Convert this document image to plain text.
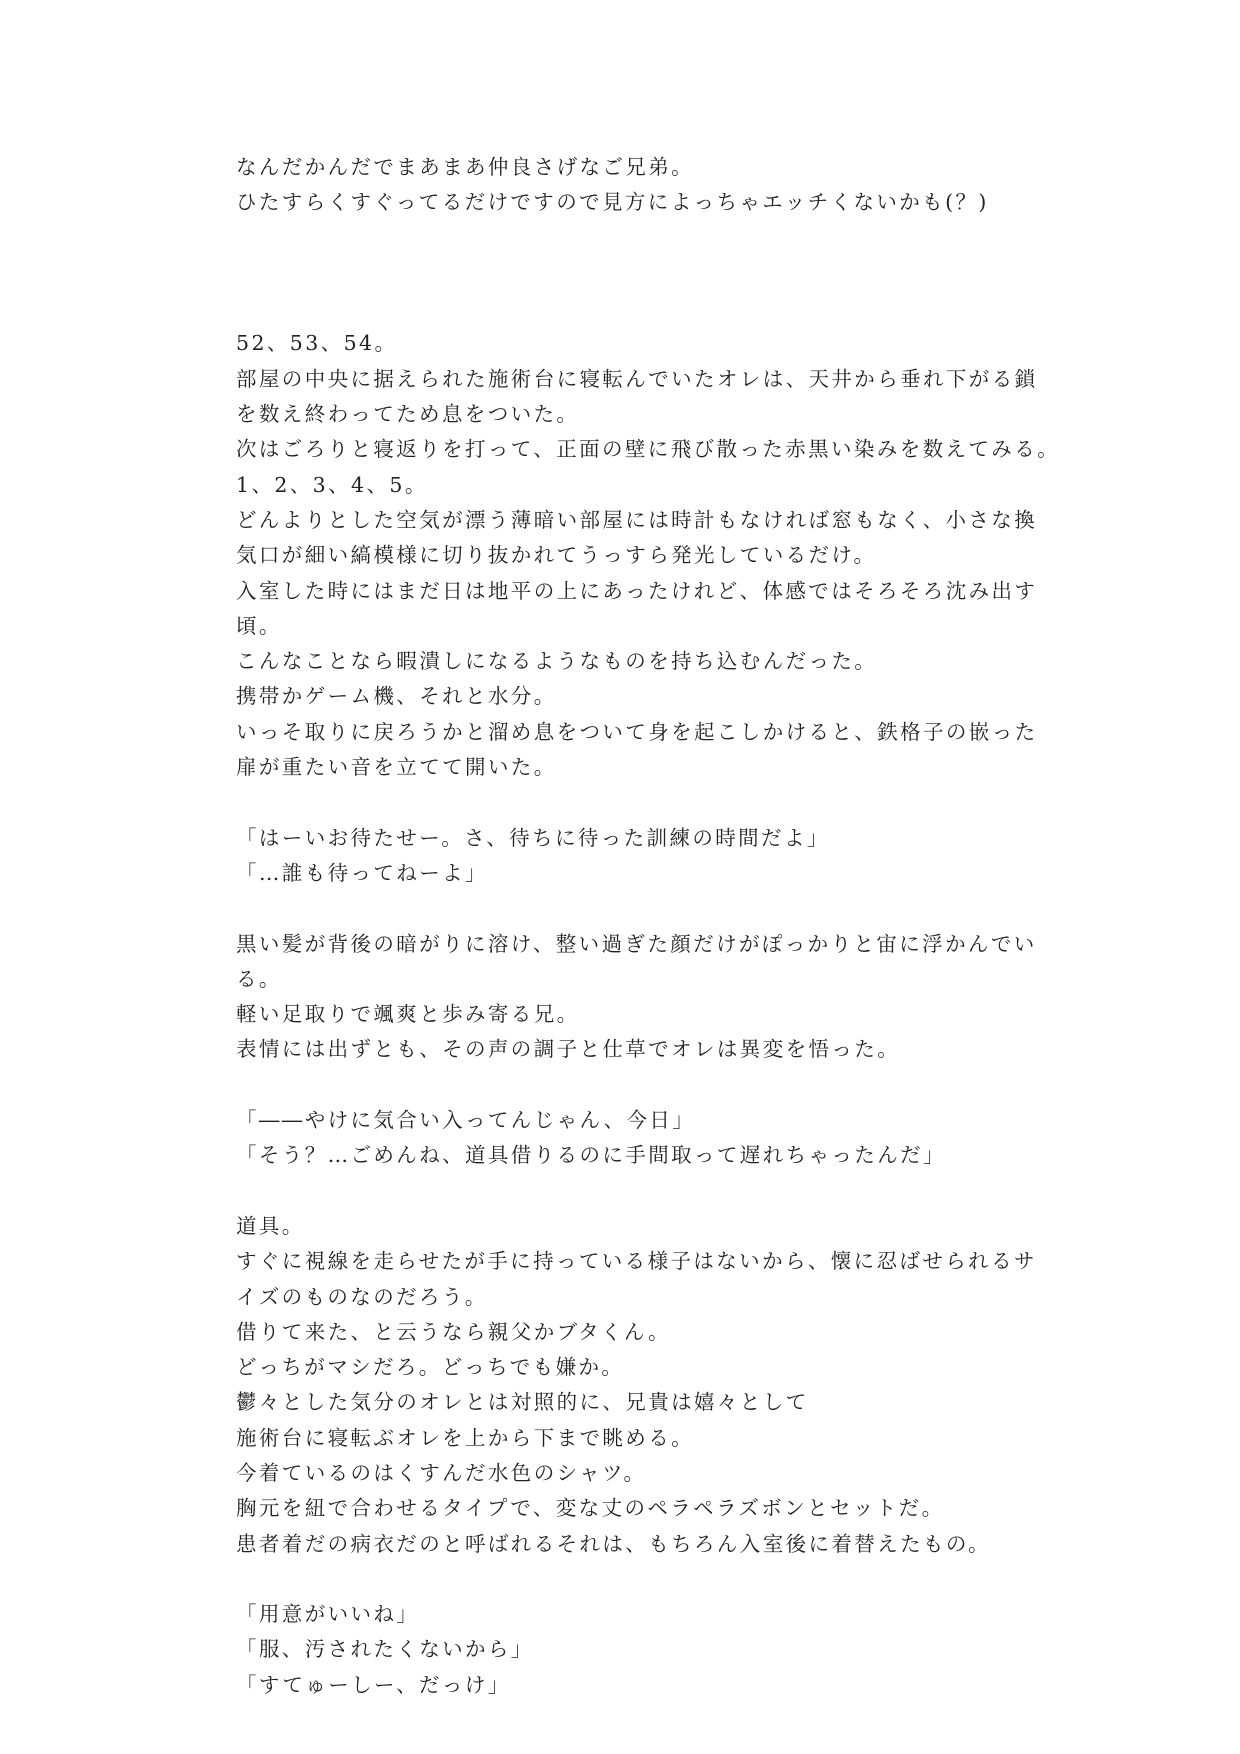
なんだかんだでまあまあ仲良さげなご兄弟。
ひたすらくすぐってるだけですので見方によっちゃエッチくないかも(？)
52、53、54。
部屋の中央に据えられた施術台に寝転んでいたオレは、天井から垂れ下がる鎖
を数え終わってため息をついた。
次はごろりと寝返りを打って、正面の壁に飛び散った赤黒い染みを数えてみる。
1、2、3、4、5。
どんよりとした空気が漂う薄暗い部屋には時計もなければ窓もなく、小さな換
気口が細い縞模様に切り抜かれてうっすら発光しているだけ。
入室した時にはまだ日は地平の上にあったけれど、体感ではそろそろ沈み出す
頃。
こんなことなら暇潰しになるようなものを持ち込むんだった。
携帯かゲーム機、それと水分。
いっそ取りに戻ろうかと溜め息をついて身を起こしかけると、鉄格子の嵌った
扉が重たい音を立てて開いた。
「はーいお待たせー。さ、待ちに待った訓練の時間だよ」
「…誰も待ってねーよ」
黒い髪が背後の暗がりに溶け、整い過ぎた顔だけがぽっかりと宙に浮かんでい
る。
軽い足取りで颯爽と歩み寄る兄。
表情には出ずとも、その声の調子と仕草でオレは異変を悟った。
「――やけに気合い入ってんじゃん、今日」
「そう？…ごめんね、道具借りるのに手間取って遅れちゃったんだ」
道具。
すぐに視線を走らせたが手に持っている様子はないから、懐に忍ばせられるサ
イズのものなのだろう。
借りて来た、と云うなら親父かブタくん。
どっちがマシだろ。どっちでも嫌か。
鬱々とした気分のオレとは対照的に、兄貴は嬉々として
施術台に寝転ぶオレを上から下まで眺める。
今着ているのはくすんだ水色のシャツ。
胸元を紐で合わせるタイプで、変な丈のペラペラズボンとセットだ。
患者着だの病衣だのと呼ばれるそれは、もちろん入室後に着替えたもの。
「用意がいいね」
「服、汚されたくないから」
「すてゅーしー、だっけ」
